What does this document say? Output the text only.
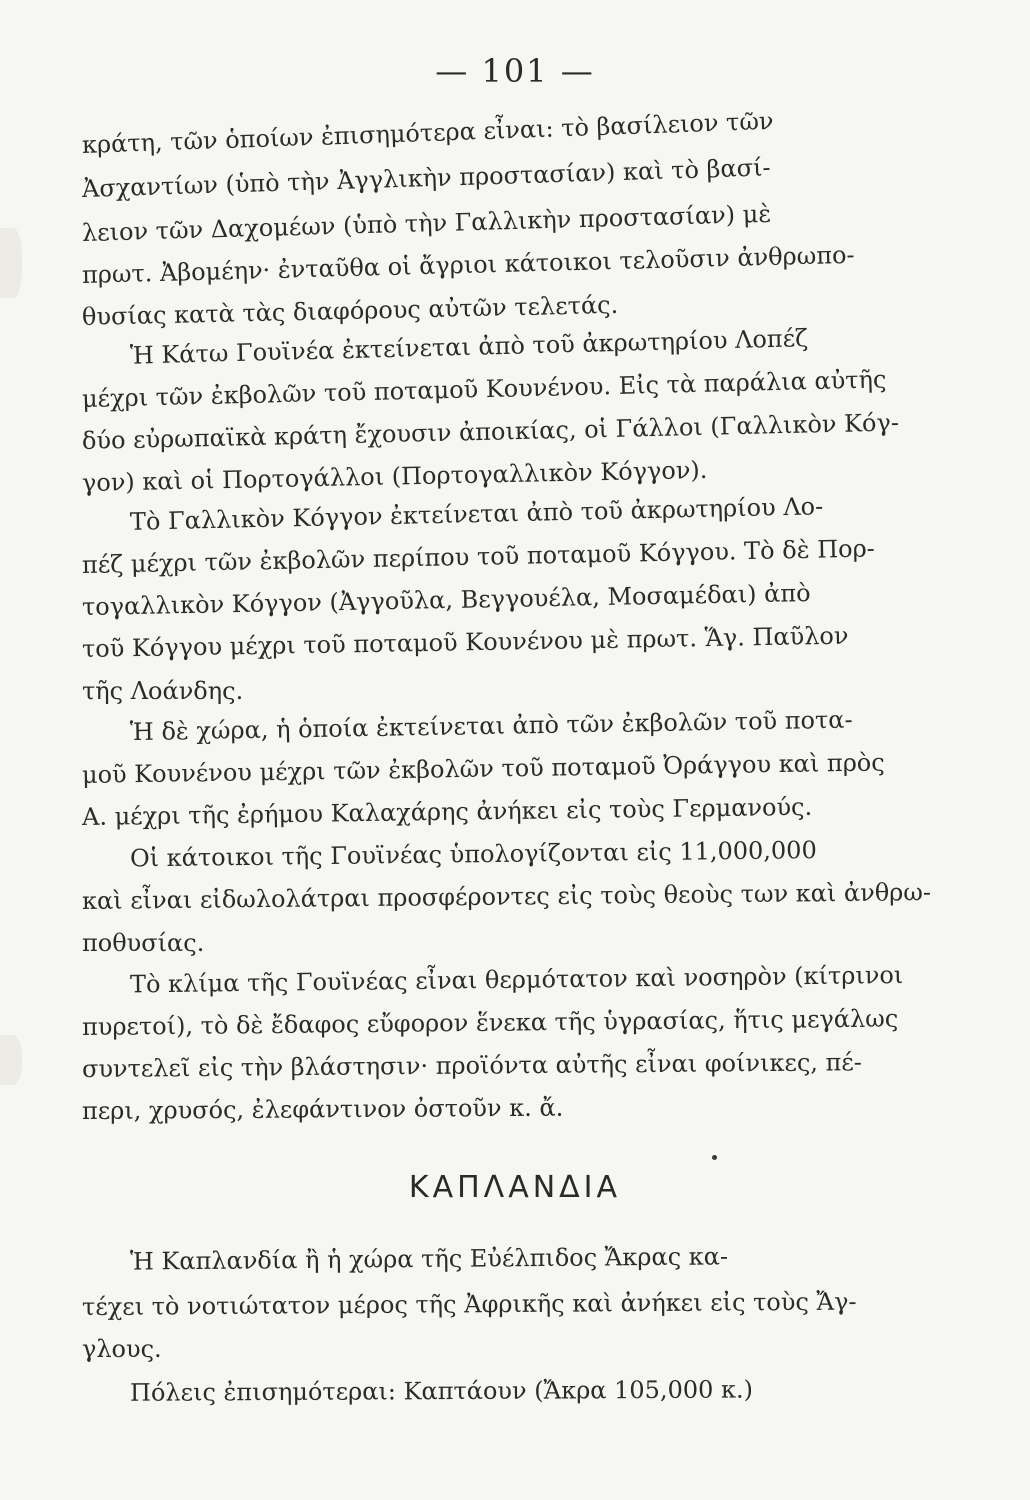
— 101 —
κράτη, τῶν ὁποίων ἐπισημότερα εἶναι: τὸ βασίλειον τῶν
Ἀσχαντίων (ὑπὸ τὴν Ἀγγλικὴν προστασίαν) καὶ τὸ βασί-
λειον τῶν Δαχομέων (ὑπὸ τὴν Γαλλικὴν προστασίαν) μὲ
πρωτ. Ἀβομέην· ἐνταῦθα οἱ ἄγριοι κάτοικοι τελοῦσιν ἀνθρωπο-
θυσίας κατὰ τὰς διαφόρους αὐτῶν τελετάς.
Ἡ Κάτω Γουϊνέα ἐκτείνεται ἀπὸ τοῦ ἀκρωτηρίου Λοπέζ
μέχρι τῶν ἐκβολῶν τοῦ ποταμοῦ Κουνένου. Εἰς τὰ παράλια αὐτῆς
δύο εὐρωπαϊκὰ κράτη ἔχουσιν ἀποικίας, οἱ Γάλλοι (Γαλλικὸν Κόγ-
γον) καὶ οἱ Πορτογάλλοι (Πορτογαλλικὸν Κόγγον).
Τὸ Γαλλικὸν Κόγγον ἐκτείνεται ἀπὸ τοῦ ἀκρωτηρίου Λο-
πέζ μέχρι τῶν ἐκβολῶν περίπου τοῦ ποταμοῦ Κόγγου. Τὸ δὲ Πορ-
τογαλλικὸν Κόγγον (Ἀγγοῦλα, Βεγγουέλα, Μοσαμέδαι) ἀπὸ
τοῦ Κόγγου μέχρι τοῦ ποταμοῦ Κουνένου μὲ πρωτ. Ἅγ. Παῦλον
τῆς Λοάνδης.
Ἡ δὲ χώρα, ἡ ὁποία ἐκτείνεται ἀπὸ τῶν ἐκβολῶν τοῦ ποτα-
μοῦ Κουνένου μέχρι τῶν ἐκβολῶν τοῦ ποταμοῦ Ὀράγγου καὶ πρὸς
Α. μέχρι τῆς ἐρήμου Καλαχάρης ἀνήκει εἰς τοὺς Γερμανούς.
Οἱ κάτοικοι τῆς Γουϊνέας ὑπολογίζονται εἰς 11,000,000
καὶ εἶναι εἰδωλολάτραι προσφέροντες εἰς τοὺς θεοὺς των καὶ ἀνθρω-
ποθυσίας.
Τὸ κλίμα τῆς Γουϊνέας εἶναι θερμότατον καὶ νοσηρὸν (κίτρινοι
πυρετοί), τὸ δὲ ἔδαφος εὔφορον ἕνεκα τῆς ὑγρασίας, ἥτις μεγάλως
συντελεῖ εἰς τὴν βλάστησιν· προϊόντα αὐτῆς εἶναι φοίνικες, πέ-
περι, χρυσός, ἐλεφάντινον ὀστοῦν κ. ἄ.
ΚΑΠΛΑΝΔΙΑ
Ἡ Καπλανδία ἢ ἡ χώρα τῆς Εὐέλπιδος Ἄκρας κα-
τέχει τὸ νοτιώτατον μέρος τῆς Ἀφρικῆς καὶ ἀνήκει εἰς τοὺς Ἄγ-
γλους.
Πόλεις ἐπισημότεραι: Καπτάουν (Ἄκρα 105,000 κ.)
